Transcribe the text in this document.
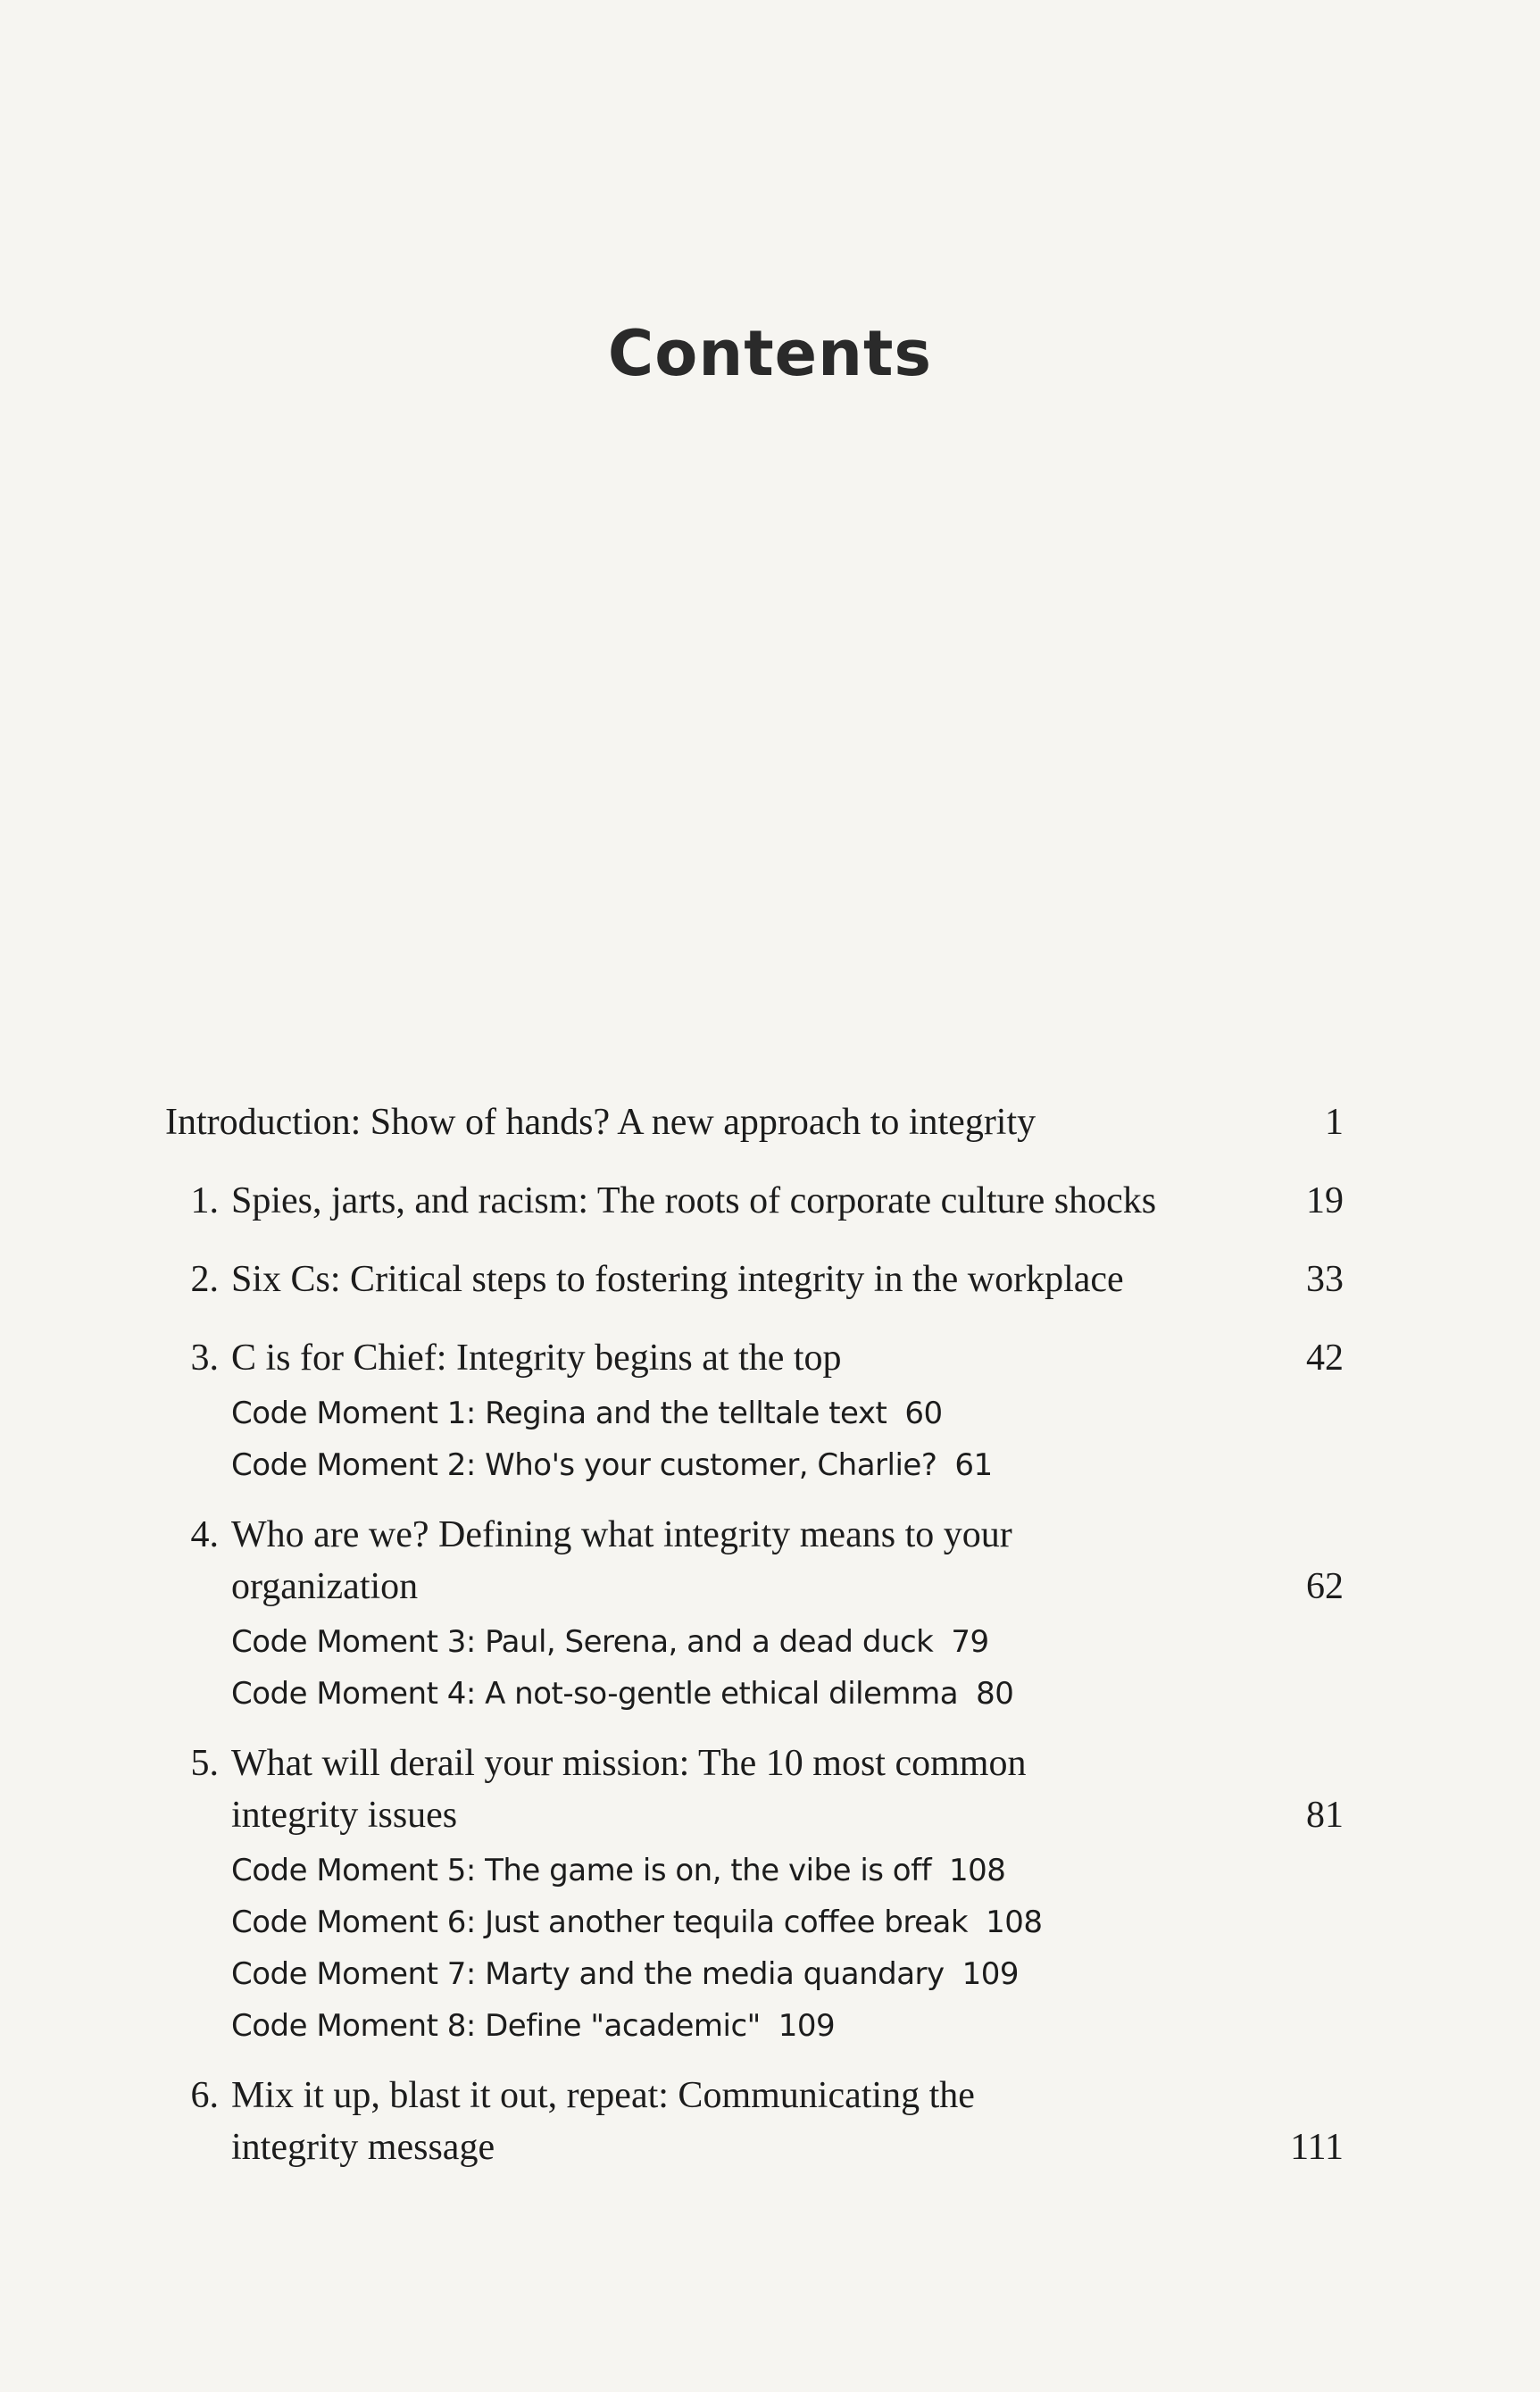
Contents
Introduction: Show of hands? A new approach to integrity	1
1. Spies, jarts, and racism: The roots of corporate culture shocks	19
2. Six Cs: Critical steps to fostering integrity in the workplace	33
3. C is for Chief: Integrity begins at the top	42
Code Moment 1: Regina and the telltale text 60
Code Moment 2: Who's your customer, Charlie? 61
4. Who are we? Defining what integrity means to your
organization	62
Code Moment 3: Paul, Serena, and a dead duck 79
Code Moment 4: A not-so-gentle ethical dilemma 80
5. What will derail your mission: The 10 most common
integrity issues	81
Code Moment 5: The game is on, the vibe is off 108
Code Moment 6: Just another tequila coffee break 108
Code Moment 7: Marty and the media quandary 109
Code Moment 8: Define "academic" 109
6. Mix it up, blast it out, repeat: Communicating the
integrity message	111
